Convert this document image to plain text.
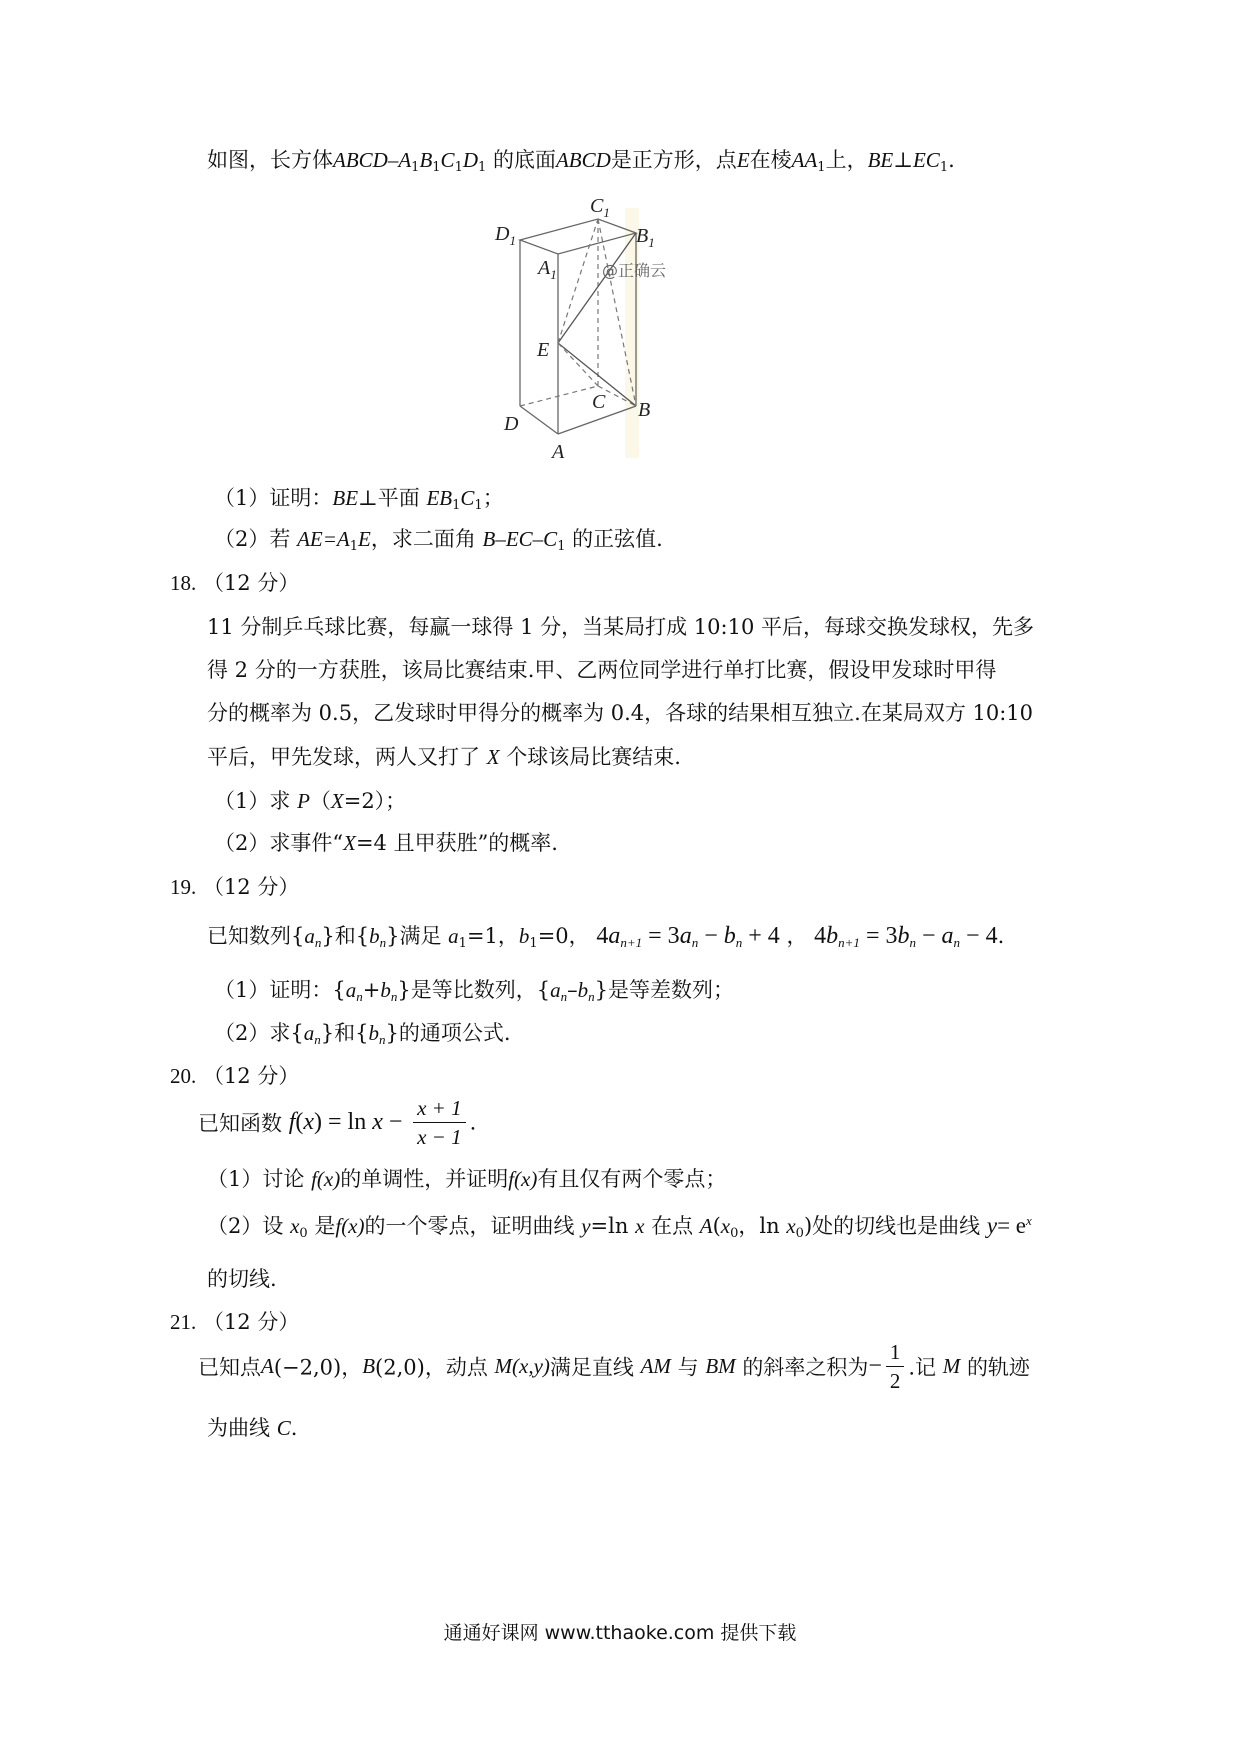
如图，长方体ABCD–$A_1B_1C_1D_1$ 的底面ABCD是正方形，点E在棱$AA_1$上，$BE\perp EC_1$.
$C_1$
$D_1$	$B_1$
$A_1$	@正确云
E
C B
D
A
（1）证明：BE⊥平面 $EB_1C_1$；
（2）若 $AE=A_1E$，求二面角 $B-EC-C_1$ 的正弦值.
18. （12 分）
11 分制乒乓球比赛，每赢一球得 1 分，当某局打成 10:10 平后，每球交换发球权，先多
得 2 分的一方获胜，该局比赛结束.甲、乙两位同学进行单打比赛，假设甲发球时甲得
分的概率为 0.5，乙发球时甲得分的概率为 0.4，各球的结果相互独立.在某局双方 10:10
平后，甲先发球，两人又打了 X 个球该局比赛结束.
（1）求 P（X=2）；
（2）求事件“X=4 且甲获胜”的概率.
19. （12 分）
已知数列$\{a_n\}$和$\{b_n\}$满足 $a_1=1$，$b_1=0$， $4a_{n+1} = 3a_n - b_n + 4$ ， $4b_{n+1} = 3b_n - a_n - 4$.
（1）证明：$\{a_n+b_n\}$是等比数列，$\{a_n-b_n\}$是等差数列；
（2）求$\{a_n\}$和$\{b_n\}$的通项公式.
20. （12 分）
已知函数 $f(x) = \ln x - \frac{x + 1}{x - 1}$ .
（1）讨论 f(x)的单调性，并证明f(x)有且仅有两个零点；
（2）设 $x_0$ 是f(x)的一个零点，证明曲线 y=ln x 在点 $A(x_0$，$\ln x_0$)处的切线也是曲线 $y= e^x$
的切线.
21. （12 分）
已知点A(−2,0)，B(2,0)，动点 M(x,y)满足直线 AM 与 BM 的斜率之积为− $\frac{1}{2}$ .记 M 的轨迹
为曲线 C.
通通好课网 www.tthaoke.com 提供下载
